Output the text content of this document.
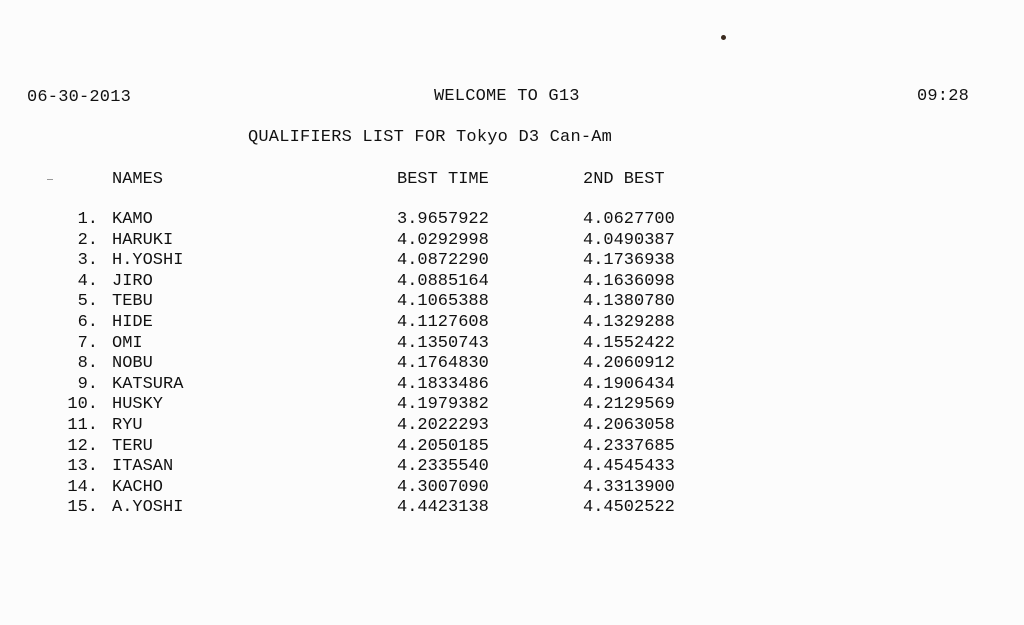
06-30-2013	WELCOME TO G13	09:28
QUALIFIERS LIST FOR Tokyo D3 Can-Am
NAMES	BEST TIME	2ND BEST
1. KAMO	3.9657922	4.0627700
2. HARUKI	4.0292998	4.0490387
3. H.YOSHI	4.0872290	4.1736938
4. JIRO	4.0885164	4.1636098
5. TEBU	4.1065388	4.1380780
6. HIDE	4.1127608	4.1329288
7. OMI	4.1350743	4.1552422
8. NOBU	4.1764830	4.2060912
9. KATSURA	4.1833486	4.1906434
10. HUSKY	4.1979382	4.2129569
11. RYU	4.2022293	4.2063058
12. TERU	4.2050185	4.2337685
13. ITASAN	4.2335540	4.4545433
14. KACHO	4.3007090	4.3313900
15. A.YOSHI	4.4423138	4.4502522
